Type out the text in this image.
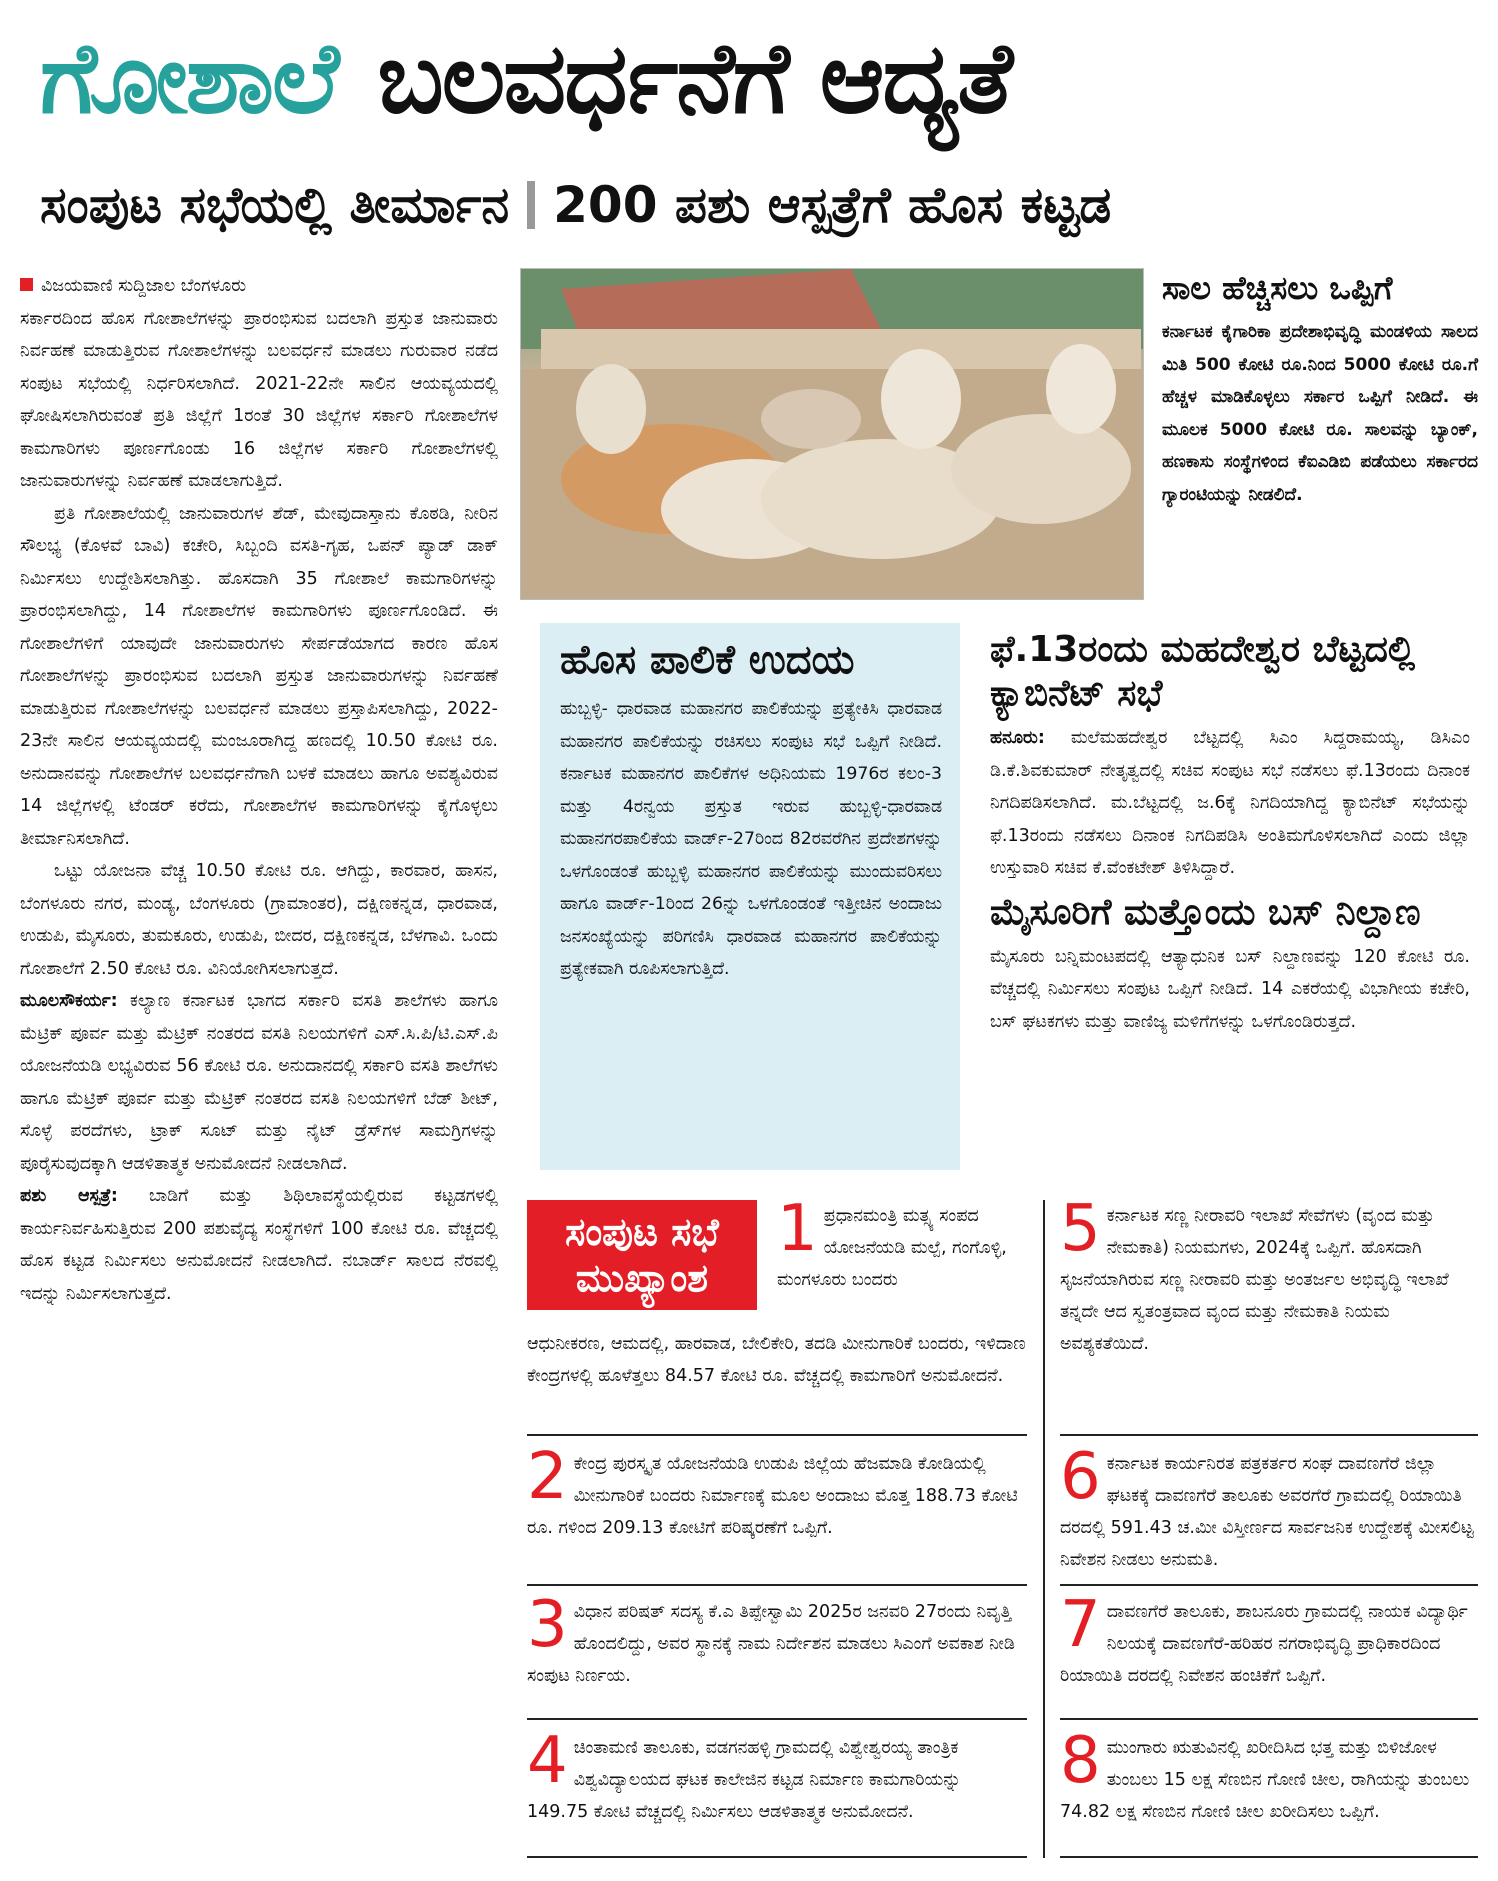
ಗೋಶಾಲೆ ಬಲವರ್ಧನೆಗೆ ಆದ್ಯತೆ
ಸಂಪುಟ ಸಭೆಯಲ್ಲಿ ತೀರ್ಮಾನ 200 ಪಶು ಆಸ್ಪತ್ರೆಗೆ ಹೊಸ ಕಟ್ಟಡ

ವಿಜಯವಾಣಿ ಸುದ್ದಿಜಾಲ ಬೆಂಗಳೂರು

ಸರ್ಕಾರದಿಂದ ಹೊಸ ಗೋಶಾಲೆಗಳನ್ನು ಪ್ರಾರಂಭಿಸುವ ಬದಲಾಗಿ ಪ್ರಸ್ತುತ ಜಾನುವಾರು ನಿರ್ವಹಣೆ ಮಾಡುತ್ತಿರುವ ಗೋಶಾಲೆಗಳನ್ನು ಬಲವರ್ಧನೆ ಮಾಡಲು ಗುರುವಾರ ನಡೆದ ಸಂಪುಟ ಸಭೆಯಲ್ಲಿ ನಿರ್ಧರಿಸಲಾಗಿದೆ. 2021-22ನೇ ಸಾಲಿನ ಆಯವ್ಯಯದಲ್ಲಿ ಘೋಷಿಸಲಾಗಿರುವಂತೆ ಪ್ರತಿ ಜಿಲ್ಲೆಗೆ 1ರಂತೆ 30 ಜಿಲ್ಲೆಗಳ ಸರ್ಕಾರಿ ಗೋಶಾಲೆಗಳ ಕಾಮಗಾರಿಗಳು ಪೂರ್ಣಗೊಂಡು 16 ಜಿಲ್ಲೆಗಳ ಸರ್ಕಾರಿ ಗೋಶಾಲೆಗಳಲ್ಲಿ ಜಾನುವಾರುಗಳನ್ನು ನಿರ್ವಹಣೆ ಮಾಡಲಾಗುತ್ತಿದೆ.

ಪ್ರತಿ ಗೋಶಾಲೆಯಲ್ಲಿ ಜಾನುವಾರುಗಳ ಶೆಡ್, ಮೇವುದಾಸ್ತಾನು ಕೊಠಡಿ, ನೀರಿನ ಸೌಲಭ್ಯ (ಕೊಳವೆ ಬಾವಿ) ಕಚೇರಿ, ಸಿಬ್ಬಂದಿ ವಸತಿ-ಗೃಹ, ಒಪನ್ ಪ್ಯಾಡ್ ಡಾಕ್ ನಿರ್ಮಿಸಲು ಉದ್ದೇಶಿಸಲಾಗಿತ್ತು. ಹೊಸದಾಗಿ 35 ಗೋಶಾಲೆ ಕಾಮಗಾರಿಗಳನ್ನು ಪ್ರಾರಂಭಿಸಲಾಗಿದ್ದು, 14 ಗೋಶಾಲೆಗಳ ಕಾಮಗಾರಿಗಳು ಪೂರ್ಣಗೊಂಡಿದೆ. ಈ ಗೋಶಾಲೆಗಳಿಗೆ ಯಾವುದೇ ಜಾನುವಾರುಗಳು ಸೇರ್ಪಡೆಯಾಗದ ಕಾರಣ ಹೊಸ ಗೋಶಾಲೆಗಳನ್ನು ಪ್ರಾರಂಭಿಸುವ ಬದಲಾಗಿ ಪ್ರಸ್ತುತ ಜಾನುವಾರುಗಳನ್ನು ನಿರ್ವಹಣೆ ಮಾಡುತ್ತಿರುವ ಗೋಶಾಲೆಗಳನ್ನು ಬಲವರ್ಧನೆ ಮಾಡಲು ಪ್ರಸ್ತಾಪಿಸಲಾಗಿದ್ದು, 2022-23ನೇ ಸಾಲಿನ ಆಯವ್ಯಯದಲ್ಲಿ ಮಂಜೂರಾಗಿದ್ದ ಹಣದಲ್ಲಿ 10.50 ಕೋಟಿ ರೂ. ಅನುದಾನವನ್ನು ಗೋಶಾಲೆಗಳ ಬಲವರ್ಧನೆಗಾಗಿ ಬಳಕೆ ಮಾಡಲು ಹಾಗೂ ಅವಶ್ಯವಿರುವ 14 ಜಿಲ್ಲೆಗಳಲ್ಲಿ ಟೆಂಡರ್ ಕರೆದು, ಗೋಶಾಲೆಗಳ ಕಾಮಗಾರಿಗಳನ್ನು ಕೈಗೊಳ್ಳಲು ತೀರ್ಮಾನಿಸಲಾಗಿದೆ.

ಒಟ್ಟು ಯೋಜನಾ ವೆಚ್ಚ 10.50 ಕೋಟಿ ರೂ. ಆಗಿದ್ದು, ಕಾರವಾರ, ಹಾಸನ, ಬೆಂಗಳೂರು ನಗರ, ಮಂಡ್ಯ, ಬೆಂಗಳೂರು (ಗ್ರಾಮಾಂತರ), ದಕ್ಷಿಣಕನ್ನಡ, ಧಾರವಾಡ, ಉಡುಪಿ, ಮೈಸೂರು, ತುಮಕೂರು, ಉಡುಪಿ, ಬೀದರ, ದಕ್ಷಿಣಕನ್ನಡ, ಬೆಳಗಾವಿ. ಒಂದು ಗೋಶಾಲೆಗೆ 2.50 ಕೋಟಿ ರೂ. ವಿನಿಯೋಗಿಸಲಾಗುತ್ತದೆ.

ಮೂಲಸೌಕರ್ಯ: ಕಲ್ಯಾಣ ಕರ್ನಾಟಕ ಭಾಗದ ಸರ್ಕಾರಿ ವಸತಿ ಶಾಲೆಗಳು ಹಾಗೂ ಮೆಟ್ರಿಕ್ ಪೂರ್ವ ಮತ್ತು ಮೆಟ್ರಿಕ್ ನಂತರದ ವಸತಿ ನಿಲಯಗಳಿಗೆ ಎಸ್.ಸಿ.ಪಿ/ಟಿ.ಎಸ್.ಪಿ ಯೋಜನೆಯಡಿ ಲಭ್ಯವಿರುವ 56 ಕೋಟಿ ರೂ. ಅನುದಾನದಲ್ಲಿ ಸರ್ಕಾರಿ ವಸತಿ ಶಾಲೆಗಳು ಹಾಗೂ ಮೆಟ್ರಿಕ್ ಪೂರ್ವ ಮತ್ತು ಮೆಟ್ರಿಕ್ ನಂತರದ ವಸತಿ ನಿಲಯಗಳಿಗೆ ಬೆಡ್ ಶೀಟ್, ಸೊಳ್ಳೆ ಪರದೆಗಳು, ಟ್ರಾಕ್ ಸೂಟ್ ಮತ್ತು ನೈಟ್ ಡ್ರೆಸ್‌ಗಳ ಸಾಮಗ್ರಿಗಳನ್ನು ಪೂರೈಸುವುದಕ್ಕಾಗಿ ಆಡಳಿತಾತ್ಮಕ ಅನುಮೋದನೆ ನೀಡಲಾಗಿದೆ.

ಪಶು ಆಸ್ಪತ್ರೆ: ಬಾಡಿಗೆ ಮತ್ತು ಶಿಥಿಲಾವಸ್ಥೆಯಲ್ಲಿರುವ ಕಟ್ಟಡಗಳಲ್ಲಿ ಕಾರ್ಯನಿರ್ವಹಿಸುತ್ತಿರುವ 200 ಪಶುವೈದ್ಯ ಸಂಸ್ಥೆಗಳಿಗೆ 100 ಕೋಟಿ ರೂ. ವೆಚ್ಚದಲ್ಲಿ ಹೊಸ ಕಟ್ಟಡ ನಿರ್ಮಿಸಲು ಅನುಮೋದನೆ ನೀಡಲಾಗಿದೆ. ನಬಾರ್ಡ್ ಸಾಲದ ನೆರವಲ್ಲಿ ಇದನ್ನು ನಿರ್ಮಿಸಲಾಗುತ್ತದೆ.

ಸಾಲ ಹೆಚ್ಚಿಸಲು ಒಪ್ಪಿಗೆ
ಕರ್ನಾಟಕ ಕೈಗಾರಿಕಾ ಪ್ರದೇಶಾಭಿವೃದ್ಧಿ ಮಂಡಳಿಯ ಸಾಲದ ಮಿತಿ 500 ಕೋಟಿ ರೂ.ನಿಂದ 5000 ಕೋಟಿ ರೂ.ಗೆ ಹೆಚ್ಚಳ ಮಾಡಿಕೊಳ್ಳಲು ಸರ್ಕಾರ ಒಪ್ಪಿಗೆ ನೀಡಿದೆ. ಈ ಮೂಲಕ 5000 ಕೋಟಿ ರೂ. ಸಾಲವನ್ನು ಬ್ಯಾಂಕ್, ಹಣಕಾಸು ಸಂಸ್ಥೆಗಳಿಂದ ಕೆಐಎಡಿಬಿ ಪಡೆಯಲು ಸರ್ಕಾರದ ಗ್ಯಾರಂಟಿಯನ್ನು ನೀಡಲಿದೆ.
ಹೊಸ ಪಾಲಿಕೆ ಉದಯ
ಹುಬ್ಬಳ್ಳಿ- ಧಾರವಾಡ ಮಹಾನಗರ ಪಾಲಿಕೆಯನ್ನು ಪ್ರತ್ಯೇಕಿಸಿ ಧಾರವಾಡ ಮಹಾನಗರ ಪಾಲಿಕೆಯನ್ನು ರಚಿಸಲು ಸಂಪುಟ ಸಭೆ ಒಪ್ಪಿಗೆ ನೀಡಿದೆ. ಕರ್ನಾಟಕ ಮಹಾನಗರ ಪಾಲಿಕೆಗಳ ಅಧಿನಿಯಮ 1976ರ ಕಲಂ-3 ಮತ್ತು 4ರನ್ವಯ ಪ್ರಸ್ತುತ ಇರುವ ಹುಬ್ಬಳ್ಳಿ-ಧಾರವಾಡ ಮಹಾನಗರಪಾಲಿಕೆಯ ವಾರ್ಡ್-27ರಿಂದ 82ರವರೆಗಿನ ಪ್ರದೇಶಗಳನ್ನು ಒಳಗೊಂಡಂತೆ ಹುಬ್ಬಳ್ಳಿ ಮಹಾನಗರ ಪಾಲಿಕೆಯನ್ನು ಮುಂದುವರಿಸಲು ಹಾಗೂ ವಾರ್ಡ್-1ರಿಂದ 26ನ್ನು ಒಳಗೊಂಡಂತೆ ಇತ್ತೀಚಿನ ಅಂದಾಜು ಜನಸಂಖ್ಯೆಯನ್ನು ಪರಿಗಣಿಸಿ ಧಾರವಾಡ ಮಹಾನಗರ ಪಾಲಿಕೆಯನ್ನು ಪ್ರತ್ಯೇಕವಾಗಿ ರೂಪಿಸಲಾಗುತ್ತಿದೆ.
ಫೆ.13ರಂದು ಮಹದೇಶ್ವರ ಬೆಟ್ಟದಲ್ಲಿ ಕ್ಯಾಬಿನೆಟ್ ಸಭೆ
ಹನೂರು: ಮಲೆಮಹದೇಶ್ವರ ಬೆಟ್ಟದಲ್ಲಿ ಸಿಎಂ ಸಿದ್ದರಾಮಯ್ಯ, ಡಿಸಿಎಂ ಡಿ.ಕೆ.ಶಿವಕುಮಾರ್ ನೇತೃತ್ವದಲ್ಲಿ ಸಚಿವ ಸಂಪುಟ ಸಭೆ ನಡೆಸಲು ಫೆ.13ರಂದು ದಿನಾಂಕ ನಿಗದಿಪಡಿಸಲಾಗಿದೆ. ಮ.ಬೆಟ್ಟದಲ್ಲಿ ಜ.6ಕ್ಕೆ ನಿಗದಿಯಾಗಿದ್ದ ಕ್ಯಾಬಿನೆಟ್ ಸಭೆಯನ್ನು ಫೆ.13ರಂದು ನಡೆಸಲು ದಿನಾಂಕ ನಿಗದಿಪಡಿಸಿ ಅಂತಿಮಗೊಳಿಸಲಾಗಿದೆ ಎಂದು ಜಿಲ್ಲಾ ಉಸ್ತುವಾರಿ ಸಚಿವ ಕೆ.ವೆಂಕಟೇಶ್ ತಿಳಿಸಿದ್ದಾರೆ.
ಮೈಸೂರಿಗೆ ಮತ್ತೊಂದು ಬಸ್ ನಿಲ್ದಾಣ
ಮೈಸೂರು ಬನ್ನಿಮಂಟಪದಲ್ಲಿ ಆತ್ಯಾಧುನಿಕ ಬಸ್ ನಿಲ್ದಾಣವನ್ನು 120 ಕೋಟಿ ರೂ. ವೆಚ್ಚದಲ್ಲಿ ನಿರ್ಮಿಸಲು ಸಂಪುಟ ಒಪ್ಪಿಗೆ ನೀಡಿದೆ. 14 ಎಕರೆಯಲ್ಲಿ ವಿಭಾಗೀಯ ಕಚೇರಿ, ಬಸ್ ಘಟಕಗಳು ಮತ್ತು ವಾಣಿಜ್ಯ ಮಳಿಗೆಗಳನ್ನು ಒಳಗೊಂಡಿರುತ್ತದೆ.
ಸಂಪುಟ ಸಭೆ
ಮುಖ್ಯಾಂಶ
1 ಪ್ರಧಾನಮಂತ್ರಿ ಮತ್ಸ್ಯ ಸಂಪದ ಯೋಜನೆಯಡಿ ಮಲ್ಪೆ, ಗಂಗೊಳ್ಳಿ, ಮಂಗಳೂರು ಬಂದರು
ಆಧುನೀಕರಣ, ಆಮದಲ್ಲಿ, ಹಾರವಾಡ, ಬೇಲಿಕೇರಿ, ತದಡಿ ಮೀನುಗಾರಿಕೆ ಬಂದರು, ಇಳಿದಾಣ ಕೇಂದ್ರಗಳಲ್ಲಿ ಹೂಳೆತ್ತಲು 84.57 ಕೋಟಿ ರೂ. ವೆಚ್ಚದಲ್ಲಿ ಕಾಮಗಾರಿಗೆ ಅನುಮೋದನೆ.
2 ಕೇಂದ್ರ ಪುರಸ್ಕೃತ ಯೋಜನೆಯಡಿ ಉಡುಪಿ ಜಿಲ್ಲೆಯ ಹೆಜಮಾಡಿ ಕೋಡಿಯಲ್ಲಿ ಮೀನುಗಾರಿಕೆ ಬಂದರು ನಿರ್ಮಾಣಕ್ಕೆ ಮೂಲ ಅಂದಾಜು ಮೊತ್ತ 188.73 ಕೋಟಿ ರೂ. ಗಳಿಂದ 209.13 ಕೋಟಿಗೆ ಪರಿಷ್ಕರಣೆಗೆ ಒಪ್ಪಿಗೆ.
3 ವಿಧಾನ ಪರಿಷತ್ ಸದಸ್ಯ ಕೆ.ಎ ತಿಪ್ಪೇಸ್ವಾಮಿ 2025ರ ಜನವರಿ 27ರಂದು ನಿವೃತ್ತಿ ಹೊಂದಲಿದ್ದು, ಅವರ ಸ್ಥಾನಕ್ಕೆ ನಾಮ ನಿರ್ದೇಶನ ಮಾಡಲು ಸಿಎಂಗೆ ಅವಕಾಶ ನೀಡಿ ಸಂಪುಟ ನಿರ್ಣಯ.
4 ಚಿಂತಾಮಣಿ ತಾಲೂಕು, ವಡಗನಹಳ್ಳಿ ಗ್ರಾಮದಲ್ಲಿ ವಿಶ್ವೇಶ್ವರಯ್ಯ ತಾಂತ್ರಿಕ ವಿಶ್ವವಿದ್ಯಾಲಯದ ಘಟಕ ಕಾಲೇಜಿನ ಕಟ್ಟಡ ನಿರ್ಮಾಣ ಕಾಮಗಾರಿಯನ್ನು 149.75 ಕೋಟಿ ವೆಚ್ಚದಲ್ಲಿ ನಿರ್ಮಿಸಲು ಆಡಳಿತಾತ್ಮಕ ಅನುಮೋದನೆ.
5 ಕರ್ನಾಟಕ ಸಣ್ಣ ನೀರಾವರಿ ಇಲಾಖೆ ಸೇವೆಗಳು (ವೃಂದ ಮತ್ತು ನೇಮಕಾತಿ) ನಿಯಮಗಳು, 2024ಕ್ಕೆ ಒಪ್ಪಿಗೆ. ಹೊಸದಾಗಿ ಸೃಜನೆಯಾಗಿರುವ ಸಣ್ಣ ನೀರಾವರಿ ಮತ್ತು ಅಂತರ್ಜಲ ಅಭಿವೃದ್ಧಿ ಇಲಾಖೆ ತನ್ನದೇ ಆದ ಸ್ವತಂತ್ರವಾದ ವೃಂದ ಮತ್ತು ನೇಮಕಾತಿ ನಿಯಮ ಅವಶ್ಯಕತೆಯಿದೆ.
6 ಕರ್ನಾಟಕ ಕಾರ್ಯನಿರತ ಪತ್ರಕರ್ತರ ಸಂಘ ದಾವಣಗೆರೆ ಜಿಲ್ಲಾ ಘಟಕಕ್ಕೆ ದಾವಣಗೆರೆ ತಾಲೂಕು ಅವರಗೆರೆ ಗ್ರಾಮದಲ್ಲಿ ರಿಯಾಯಿತಿ ದರದಲ್ಲಿ 591.43 ಚ.ಮೀ ವಿಸ್ತೀರ್ಣದ ಸಾರ್ವಜನಿಕ ಉದ್ದೇಶಕ್ಕೆ ಮೀಸಲಿಟ್ಟ ನಿವೇಶನ ನೀಡಲು ಅನುಮತಿ.
7 ದಾವಣಗೆರೆ ತಾಲೂಕು, ಶಾಬನೂರು ಗ್ರಾಮದಲ್ಲಿ ನಾಯಕ ವಿದ್ಯಾರ್ಥಿ ನಿಲಯಕ್ಕೆ ದಾವಣಗೆರೆ-ಹರಿಹರ ನಗರಾಭಿವೃದ್ಧಿ ಪ್ರಾಧಿಕಾರದಿಂದ ರಿಯಾಯಿತಿ ದರದಲ್ಲಿ ನಿವೇಶನ ಹಂಚಿಕೆಗೆ ಒಪ್ಪಿಗೆ.
8 ಮುಂಗಾರು ಋತುವಿನಲ್ಲಿ ಖರೀದಿಸಿದ ಭತ್ತ ಮತ್ತು ಬಿಳಿಜೋಳ ತುಂಬಲು 15 ಲಕ್ಷ ಸೆಣಬಿನ ಗೋಣಿ ಚೀಲ, ರಾಗಿಯನ್ನು ತುಂಬಲು 74.82 ಲಕ್ಷ ಸೆಣಬಿನ ಗೋಣಿ ಚೀಲ ಖರೀದಿಸಲು ಒಪ್ಪಿಗೆ.
